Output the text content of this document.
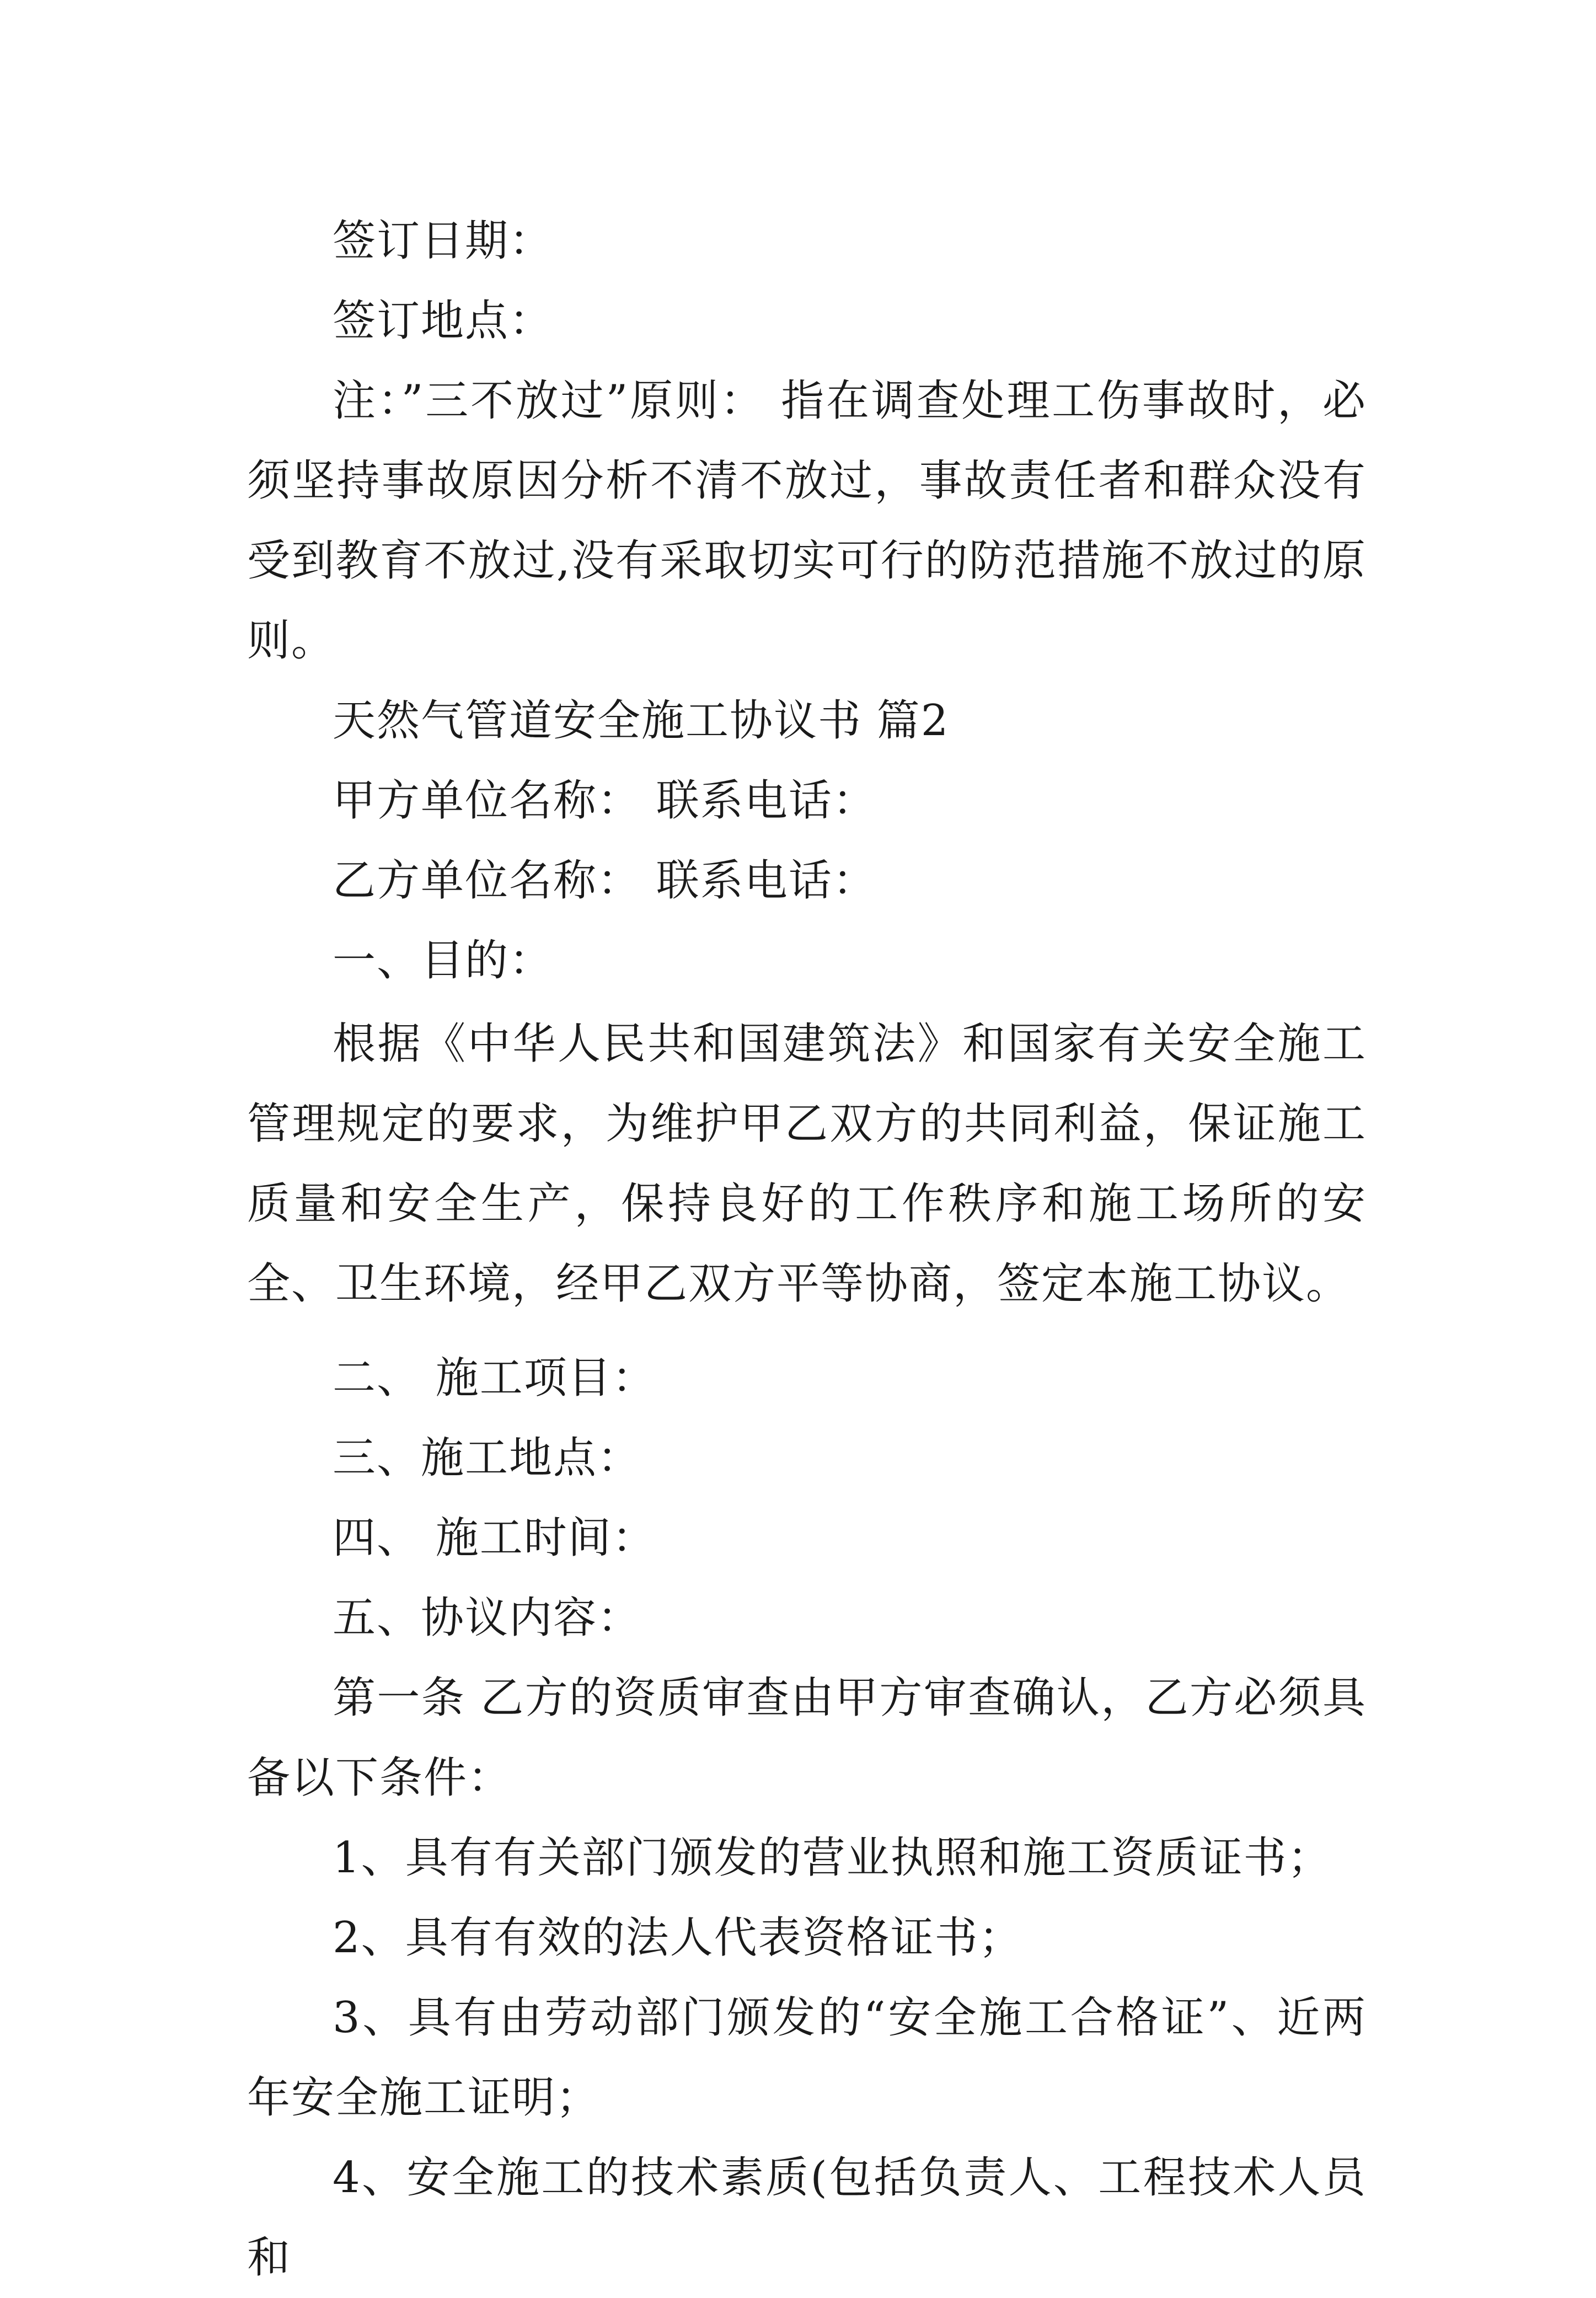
签订日期：

签订地点：

注：”三不放过”原则： 指在调查处理工伤事故时，必须坚持事故原因分析不清不放过，事故责任者和群众没有受到教育不放过,没有采取切实可行的防范措施不放过的原则。

天然气管道安全施工协议书 篇2

甲方单位名称： 联系电话：

乙方单位名称： 联系电话：

一、目的：

根据《中华人民共和国建筑法》和国家有关安全施工管理规定的要求，为维护甲乙双方的共同利益，保证施工质量和安全生产，保持良好的工作秩序和施工场所的安全、卫生环境，经甲乙双方平等协商，签定本施工协议。

二、 施工项目：

三、施工地点：

四、 施工时间：

五、协议内容：

第一条 乙方的资质审查由甲方审查确认，乙方必须具备以下条件：

1、具有有关部门颁发的营业执照和施工资质证书；

2、具有有效的法人代表资格证书；

3、具有由劳动部门颁发的“安全施工合格证”、近两年安全施工证明；

4、安全施工的技术素质(包括负责人、工程技术人员和
